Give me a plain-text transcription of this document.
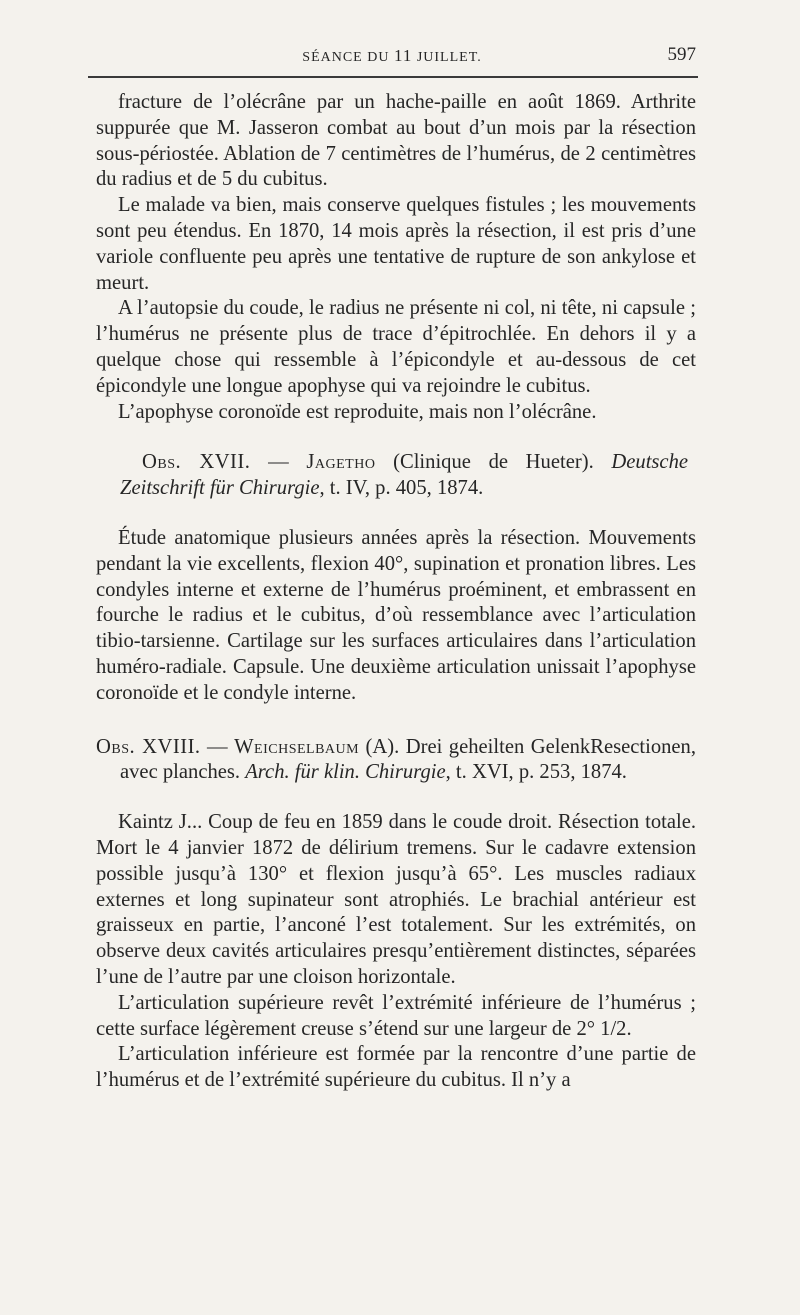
SÉANCE DU 11 JUILLET.	597

fracture de l’olécrâne par un hache-paille en août 1869. Arthrite suppurée que M. Jasseron combat au bout d’un mois par la résection sous-périostée. Ablation de 7 centimètres de l’humérus, de 2 centimètres du radius et de 5 du cubitus.

Le malade va bien, mais conserve quelques fistules ; les mouvements sont peu étendus. En 1870, 14 mois après la résection, il est pris d’une variole confluente peu après une tentative de rupture de son ankylose et meurt.

A l’autopsie du coude, le radius ne présente ni col, ni tête, ni capsule ; l’humérus ne présente plus de trace d’épitrochlée. En dehors il y a quelque chose qui ressemble à l’épicondyle et au-dessous de cet épicondyle une longue apophyse qui va rejoindre le cubitus.

L’apophyse coronoïde est reproduite, mais non l’olécrâne.

Obs. XVII. — Jagetho (Clinique de Hueter). Deutsche Zeitschrift für Chirurgie, t. IV, p. 405, 1874.

Étude anatomique plusieurs années après la résection. Mouvements pendant la vie excellents, flexion 40°, supination et pronation libres. Les condyles interne et externe de l’humérus proéminent, et embrassent en fourche le radius et le cubitus, d’où ressemblance avec l’articulation tibio-tarsienne. Cartilage sur les surfaces articulaires dans l’articulation huméro-radiale. Capsule. Une deuxième articulation unissait l’apophyse coronoïde et le condyle interne.

Obs. XVIII. — Weichselbaum (A). Drei geheilten GelenkResectionen, avec planches. Arch. für klin. Chirurgie, t. XVI, p. 253, 1874.

Kaintz J... Coup de feu en 1859 dans le coude droit. Résection totale. Mort le 4 janvier 1872 de délirium tremens. Sur le cadavre extension possible jusqu’à 130° et flexion jusqu’à 65°. Les muscles radiaux externes et long supinateur sont atrophiés. Le brachial antérieur est graisseux en partie, l’anconé l’est totalement. Sur les extrémités, on observe deux cavités articulaires presqu’entièrement distinctes, séparées l’une de l’autre par une cloison horizontale.

L’articulation supérieure revêt l’extrémité inférieure de l’humérus ; cette surface légèrement creuse s’étend sur une largeur de 2° 1/2.

L’articulation inférieure est formée par la rencontre d’une partie de l’humérus et de l’extrémité supérieure du cubitus. Il n’y a
